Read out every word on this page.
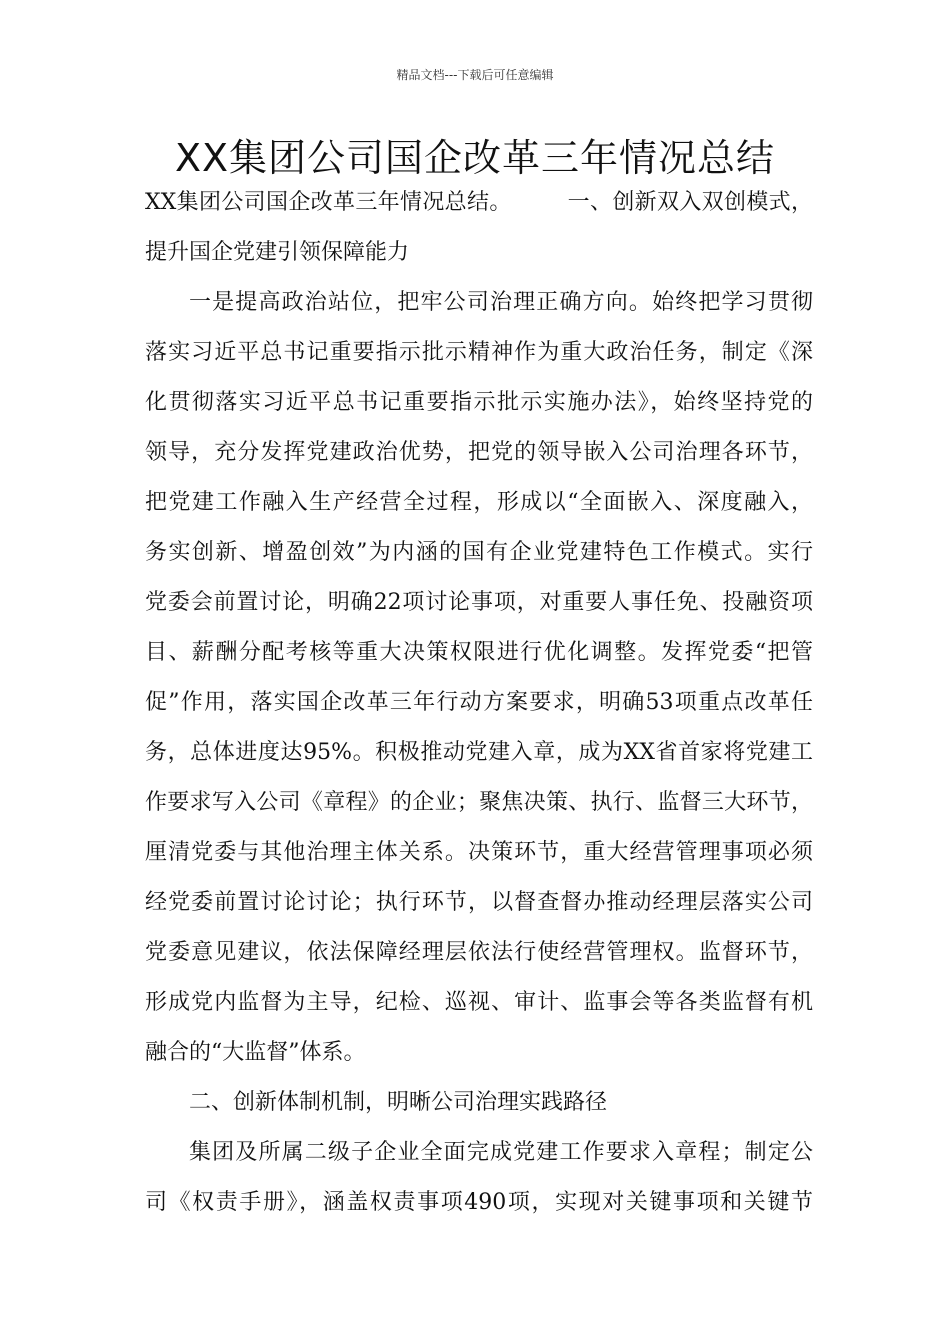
精品文档---下载后可任意编辑
XX集团公司国企改革三年情况总结
XX集团公司国企改革三年情况总结。　　　一、创新双入双创模式，
提升国企党建引领保障能力
一是提高政治站位，把牢公司治理正确方向。始终把学习贯彻
落实习近平总书记重要指示批示精神作为重大政治任务，制定《深
化贯彻落实习近平总书记重要指示批示实施办法》，始终坚持党的
领导，充分发挥党建政治优势，把党的领导嵌入公司治理各环节，
把党建工作融入生产经营全过程，形成以“全面嵌入、深度融入，
务实创新、增盈创效”为内涵的国有企业党建特色工作模式。实行
党委会前置讨论，明确22项讨论事项，对重要人事任免、投融资项
目、薪酬分配考核等重大决策权限进行优化调整。发挥党委“把管
促”作用，落实国企改革三年行动方案要求，明确53项重点改革任
务，总体进度达95%。积极推动党建入章，成为XX省首家将党建工
作要求写入公司《章程》的企业；聚焦决策、执行、监督三大环节，
厘清党委与其他治理主体关系。决策环节，重大经营管理事项必须
经党委前置讨论讨论；执行环节，以督查督办推动经理层落实公司
党委意见建议，依法保障经理层依法行使经营管理权。监督环节，
形成党内监督为主导，纪检、巡视、审计、监事会等各类监督有机
融合的“大监督”体系。
二、创新体制机制，明晰公司治理实践路径
集团及所属二级子企业全面完成党建工作要求入章程；制定公
司《权责手册》，涵盖权责事项490项，实现对关键事项和关键节
